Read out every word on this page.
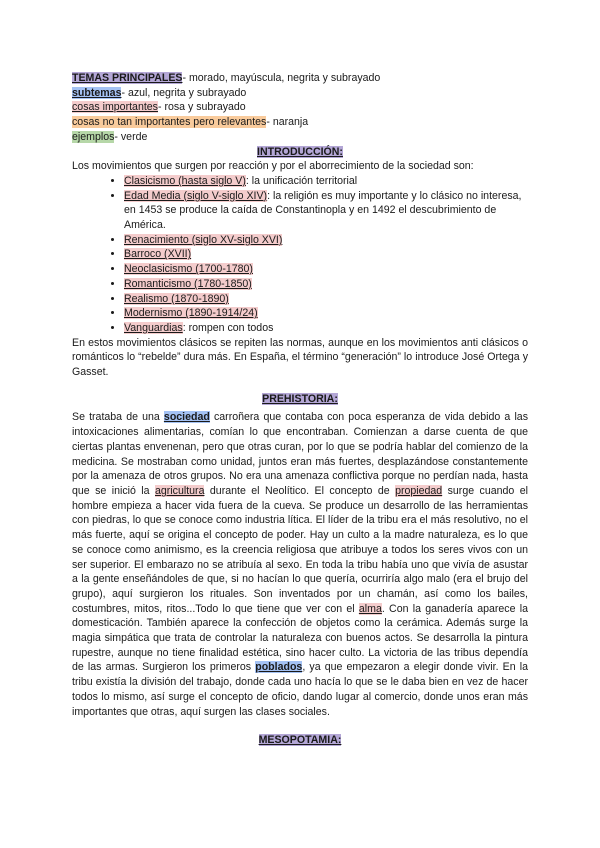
TEMAS PRINCIPALES- morado, mayúscula, negrita y subrayado
subtemas- azul, negrita y subrayado
cosas importantes- rosa y subrayado
cosas no tan importantes pero relevantes- naranja
ejemplos- verde
INTRODUCCIÓN:
Los movimientos que surgen por reacción y por el aborrecimiento de la sociedad son:
• Clasicismo (hasta siglo V): la unificación territorial
• Edad Media (siglo V-siglo XIV): la religión es muy importante y lo clásico no interesa, en 1453 se produce la caída de Constantinopla y en 1492 el descubrimiento de América.
• Renacimiento (siglo XV-siglo XVI)
• Barroco (XVII)
• Neoclasicismo (1700-1780)
• Romanticismo (1780-1850)
• Realismo (1870-1890)
• Modernismo (1890-1914/24)
• Vanguardias: rompen con todos
En estos movimientos clásicos se repiten las normas, aunque en los movimientos anti clásicos o románticos lo “rebelde” dura más. En España, el término “generación” lo introduce José Ortega y Gasset.
PREHISTORIA:
Se trataba de una sociedad carroñera que contaba con poca esperanza de vida debido a las intoxicaciones alimentarias, comían lo que encontraban. Comienzan a darse cuenta de que ciertas plantas envenenan, pero que otras curan, por lo que se podría hablar del comienzo de la medicina. Se mostraban como unidad, juntos eran más fuertes, desplazándose constantemente por la amenaza de otros grupos. No era una amenaza conflictiva porque no perdían nada, hasta que se inició la agricultura durante el Neolítico. El concepto de propiedad surge cuando el hombre empieza a hacer vida fuera de la cueva. Se produce un desarrollo de las herramientas con piedras, lo que se conoce como industria lítica. El líder de la tribu era el más resolutivo, no el más fuerte, aquí se origina el concepto de poder. Hay un culto a la madre naturaleza, es lo que se conoce como animismo, es la creencia religiosa que atribuye a todos los seres vivos con un ser superior. El embarazo no se atribuía al sexo. En toda la tribu había uno que vivía de asustar a la gente enseñándoles de que, si no hacían lo que quería, ocurriría algo malo (era el brujo del grupo), aquí surgieron los rituales. Son inventados por un chamán, así como los bailes, costumbres, mitos, ritos...Todo lo que tiene que ver con el alma. Con la ganadería aparece la domesticación. También aparece la confección de objetos como la cerámica. Además surge la magia simpática que trata de controlar la naturaleza con buenos actos. Se desarrolla la pintura rupestre, aunque no tiene finalidad estética, sino hacer culto. La victoria de las tribus dependía de las armas. Surgieron los primeros poblados, ya que empezaron a elegir donde vivir. En la tribu existía la división del trabajo, donde cada uno hacía lo que se le daba bien en vez de hacer todos lo mismo, así surge el concepto de oficio, dando lugar al comercio, donde unos eran más importantes que otras, aquí surgen las clases sociales.
MESOPOTAMIA:
